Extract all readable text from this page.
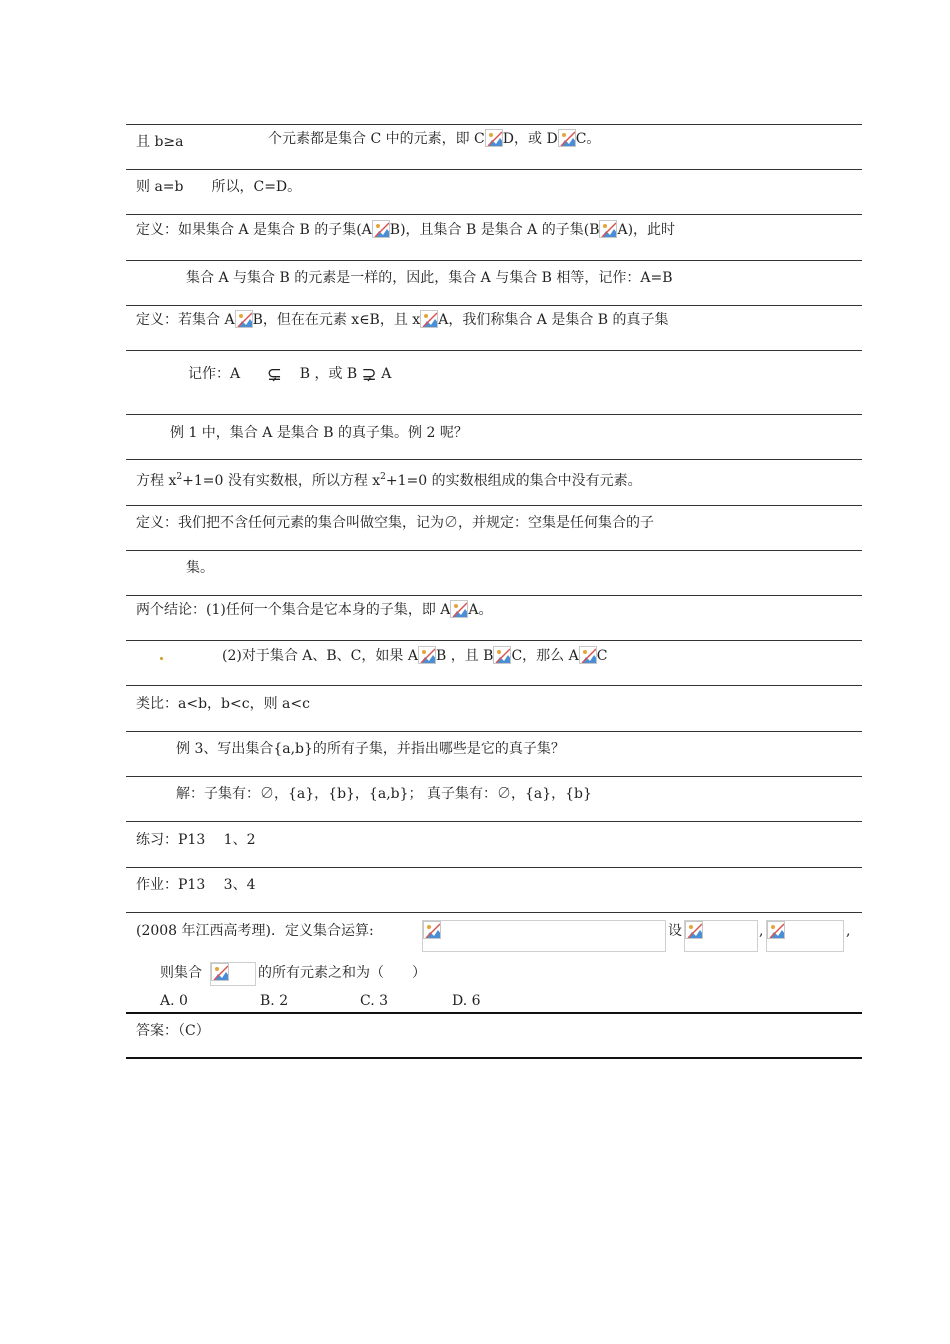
且 b≥a	个元素都是集合 C 中的元素，即 C D，或 D C。
则 a=b　　所以，C=D。
定义：如果集合 A 是集合 B 的子集(A B)，且集合 B 是集合 A 的子集(B A)，此时
集合 A 与集合 B 的元素是一样的，因此，集合 A 与集合 B 相等，记作：A=B
定义：若集合 A B，但在在元素 x∈B，且 x A，我们称集合 A 是集合 B 的真子集
记作：A ⊊ B ，或 B ⊋ A
例 1 中，集合 A 是集合 B 的真子集。例 2 呢？
方程 $x^2+1=0$ 没有实数根，所以方程 $x^2+1=0$ 的实数根组成的集合中没有元素。
定义：我们把不含任何元素的集合叫做空集，记为∅，并规定：空集是任何集合的子
集。
两个结论：(1)任何一个集合是它本身的子集，即 A A。
(2)对于集合 A、B、C，如果 A B ，且 B C，那么 A C
类比：a<b，b<c，则 a<c
例 3、写出集合{a,b}的所有子集，并指出哪些是它的真子集？
解：子集有：∅，{a}，{b}，{a,b}； 真子集有：∅，{a}，{b}
练习：P13　 1、2
作业：P13　 3、4
(2008 年江西高考理)．定义集合运算:	设	,	,
则集合	的所有元素之和为（　　）
A. 0	B. 2	C. 3	D. 6
答案：（C）
